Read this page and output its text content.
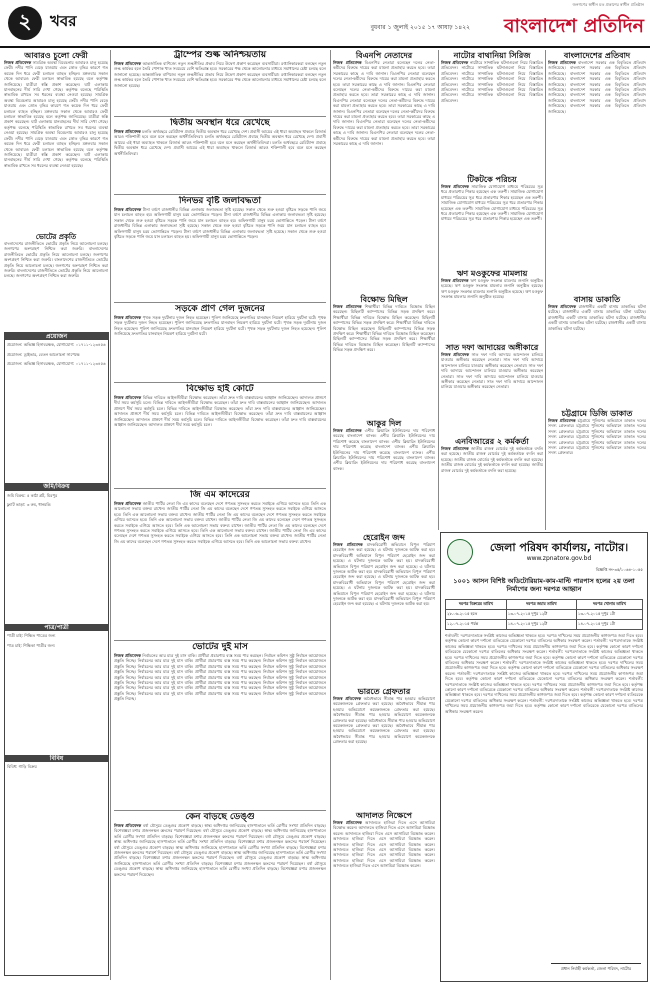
২	খবর	বুধবার ১ জুলাই ২০১৫ ১৭ আষাঢ় ১৪২২
জনগণের স্বাধীন মত প্রকাশের স্বাধীন প্রতিষ্ঠান
বাংলাদেশ প্রতিদিন
আবারও চুলো ফেরী
নিজস্ব প্রতিবেদক সামগ্রিক অবস্থা বিবেচনায় আবারও চালু হয়েছে ফেরী। নদীর পানি বেড়ে যাওয়ায় এবং স্রোত বৃদ্ধির কারণে গত কয়েক দিন ধরে ফেরী চলাচল ব্যাহত হচ্ছিল। মঙ্গলবার সকাল থেকে আবারও ফেরী চলাচল স্বাভাবিক হয়েছে বলে কর্তৃপক্ষ জানিয়েছে। যাত্রীরা স্বস্তি প্রকাশ করেছেন। ঘাট এলাকায় যানবাহনের দীর্ঘ সারি দেখা গেছে। কর্তৃপক্ষ বলেছে পরিস্থিতি স্বাভাবিক রাখতে সব ধরনের ব্যবস্থা নেওয়া হয়েছে। সামগ্রিক অবস্থা বিবেচনায় আবারও চালু হয়েছে ফেরী। নদীর পানি বেড়ে যাওয়ায় এবং স্রোত বৃদ্ধির কারণে গত কয়েক দিন ধরে ফেরী চলাচল ব্যাহত হচ্ছিল। মঙ্গলবার সকাল থেকে আবারও ফেরী চলাচল স্বাভাবিক হয়েছে বলে কর্তৃপক্ষ জানিয়েছে। যাত্রীরা স্বস্তি প্রকাশ করেছেন। ঘাট এলাকায় যানবাহনের দীর্ঘ সারি দেখা গেছে। কর্তৃপক্ষ বলেছে পরিস্থিতি স্বাভাবিক রাখতে সব ধরনের ব্যবস্থা নেওয়া হয়েছে। সামগ্রিক অবস্থা বিবেচনায় আবারও চালু হয়েছে ফেরী। নদীর পানি বেড়ে যাওয়ায় এবং স্রোত বৃদ্ধির কারণে গত কয়েক দিন ধরে ফেরী চলাচল ব্যাহত হচ্ছিল। মঙ্গলবার সকাল থেকে আবারও ফেরী চলাচল স্বাভাবিক হয়েছে বলে কর্তৃপক্ষ জানিয়েছে। যাত্রীরা স্বস্তি প্রকাশ করেছেন। ঘাট এলাকায় যানবাহনের দীর্ঘ সারি দেখা গেছে। কর্তৃপক্ষ বলেছে পরিস্থিতি স্বাভাবিক রাখতে সব ধরনের ব্যবস্থা নেওয়া হয়েছে।
ভোটের প্রকৃতি
বাংলাদেশের রাজনীতিতে ভোটের প্রকৃতি নিয়ে আলোচনা চলছে। জনগণের অংশগ্রহণ নিশ্চিত করা জরুরি। বাংলাদেশের রাজনীতিতে ভোটের প্রকৃতি নিয়ে আলোচনা চলছে। জনগণের অংশগ্রহণ নিশ্চিত করা জরুরি। বাংলাদেশের রাজনীতিতে ভোটের প্রকৃতি নিয়ে আলোচনা চলছে। জনগণের অংশগ্রহণ নিশ্চিত করা জরুরি। বাংলাদেশের রাজনীতিতে ভোটের প্রকৃতি নিয়ে আলোচনা চলছে। জনগণের অংশগ্রহণ নিশ্চিত করা জরুরি।
প্রয়োজন
প্রয়োজন: অভিজ্ঞ হিসাবরক্ষক, যোগাযোগ: ০১৭১১-১২৩৪৫৬
প্রয়োজন: ড্রাইভার, বেতন আলোচনা সাপেক্ষে
প্রয়োজন: অভিজ্ঞ হিসাবরক্ষক, যোগাযোগ: ০১৭১১-১২৩৪৫৬
জমি/বিক্রয়
জমি বিক্রয়: ৫ কাঠা প্লট, মিরপুর
ফ্ল্যাট ভাড়া: ৩ রুম, ধানমন্ডি
পাত্র/পাত্রী
পাত্রী চাই: শিক্ষিত পাত্রের জন্য
পাত্র চাই: শিক্ষিকা পাত্রীর জন্য
বিবিধ
বিবিধ: গাড়ি বিক্রয়
ট্রাম্পের শুল্ক অনিশ্চয়তায়
নিজস্ব প্রতিবেদক আন্তর্জাতিক বাণিজ্যে নতুন শুল্কনীতির প্রভাব নিয়ে উদ্বেগ প্রকাশ করেছেন ব্যবসায়ীরা। রপ্তানিকারকরা বলছেন নতুন শুল্ক কার্যকর হলে তৈরি পোশাক খাত সবচেয়ে বেশি ক্ষতিগ্রস্ত হবে। সরকারের পক্ষ থেকে আলোচনার মাধ্যমে সমাধানের চেষ্টা চলছে বলে জানানো হয়েছে। আন্তর্জাতিক বাণিজ্যে নতুন শুল্কনীতির প্রভাব নিয়ে উদ্বেগ প্রকাশ করেছেন ব্যবসায়ীরা। রপ্তানিকারকরা বলছেন নতুন শুল্ক কার্যকর হলে তৈরি পোশাক খাত সবচেয়ে বেশি ক্ষতিগ্রস্ত হবে। সরকারের পক্ষ থেকে আলোচনার মাধ্যমে সমাধানের চেষ্টা চলছে বলে জানানো হয়েছে।
দ্বিতীয় অবস্থান ধরে রেখেছে
নিজস্ব প্রতিবেদক চলতি অর্থবছরে রেমিট্যান্স প্রবাহে দ্বিতীয় অবস্থান ধরে রেখেছে দেশ। প্রবাসী আয়ের এই ধারা অব্যাহত থাকলে রিজার্ভ আরও শক্তিশালী হবে বলে মনে করছেন অর্থনীতিবিদরা। চলতি অর্থবছরে রেমিট্যান্স প্রবাহে দ্বিতীয় অবস্থান ধরে রেখেছে দেশ। প্রবাসী আয়ের এই ধারা অব্যাহত থাকলে রিজার্ভ আরও শক্তিশালী হবে বলে মনে করছেন অর্থনীতিবিদরা। চলতি অর্থবছরে রেমিট্যান্স প্রবাহে দ্বিতীয় অবস্থান ধরে রেখেছে দেশ। প্রবাসী আয়ের এই ধারা অব্যাহত থাকলে রিজার্ভ আরও শক্তিশালী হবে বলে মনে করছেন অর্থনীতিবিদরা।
দিনভর বৃষ্টি জলাবদ্ধতা
নিজস্ব প্রতিবেদক টানা বর্ষণে রাজধানীর বিভিন্ন এলাকায় জলাবদ্ধতা সৃষ্টি হয়েছে। সকাল থেকে শুরু হওয়া বৃষ্টিতে সড়কে পানি জমে যান চলাচল ব্যাহত হয়। অফিসগামী মানুষ চরম ভোগান্তিতে পড়েন। টানা বর্ষণে রাজধানীর বিভিন্ন এলাকায় জলাবদ্ধতা সৃষ্টি হয়েছে। সকাল থেকে শুরু হওয়া বৃষ্টিতে সড়কে পানি জমে যান চলাচল ব্যাহত হয়। অফিসগামী মানুষ চরম ভোগান্তিতে পড়েন। টানা বর্ষণে রাজধানীর বিভিন্ন এলাকায় জলাবদ্ধতা সৃষ্টি হয়েছে। সকাল থেকে শুরু হওয়া বৃষ্টিতে সড়কে পানি জমে যান চলাচল ব্যাহত হয়। অফিসগামী মানুষ চরম ভোগান্তিতে পড়েন। টানা বর্ষণে রাজধানীর বিভিন্ন এলাকায় জলাবদ্ধতা সৃষ্টি হয়েছে। সকাল থেকে শুরু হওয়া বৃষ্টিতে সড়কে পানি জমে যান চলাচল ব্যাহত হয়। অফিসগামী মানুষ চরম ভোগান্তিতে পড়েন।
সড়কে প্রাণ গেল দুজনের
নিজস্ব প্রতিবেদক পৃথক সড়ক দুর্ঘটনায় দুজন নিহত হয়েছেন। পুলিশ জানিয়েছে দ্রুতগতির যানবাহন নিয়ন্ত্রণ হারিয়ে দুর্ঘটনা ঘটে। পৃথক সড়ক দুর্ঘটনায় দুজন নিহত হয়েছেন। পুলিশ জানিয়েছে দ্রুতগতির যানবাহন নিয়ন্ত্রণ হারিয়ে দুর্ঘটনা ঘটে। পৃথক সড়ক দুর্ঘটনায় দুজন নিহত হয়েছেন। পুলিশ জানিয়েছে দ্রুতগতির যানবাহন নিয়ন্ত্রণ হারিয়ে দুর্ঘটনা ঘটে। পৃথক সড়ক দুর্ঘটনায় দুজন নিহত হয়েছেন। পুলিশ জানিয়েছে দ্রুতগতির যানবাহন নিয়ন্ত্রণ হারিয়ে দুর্ঘটনা ঘটে।
বিক্ষোভ হাই কোর্টে
নিজস্ব প্রতিবেদক বিভিন্ন দাবিতে আইনজীবীরা বিক্ষোভ করেছেন। তাঁরা দ্রুত দাবি বাস্তবায়নের আহ্বান জানিয়েছেন। আদালত প্রাঙ্গণে দীর্ঘ সময় কর্মসূচি চলে। বিভিন্ন দাবিতে আইনজীবীরা বিক্ষোভ করেছেন। তাঁরা দ্রুত দাবি বাস্তবায়নের আহ্বান জানিয়েছেন। আদালত প্রাঙ্গণে দীর্ঘ সময় কর্মসূচি চলে। বিভিন্ন দাবিতে আইনজীবীরা বিক্ষোভ করেছেন। তাঁরা দ্রুত দাবি বাস্তবায়নের আহ্বান জানিয়েছেন। আদালত প্রাঙ্গণে দীর্ঘ সময় কর্মসূচি চলে। বিভিন্ন দাবিতে আইনজীবীরা বিক্ষোভ করেছেন। তাঁরা দ্রুত দাবি বাস্তবায়নের আহ্বান জানিয়েছেন। আদালত প্রাঙ্গণে দীর্ঘ সময় কর্মসূচি চলে। বিভিন্ন দাবিতে আইনজীবীরা বিক্ষোভ করেছেন। তাঁরা দ্রুত দাবি বাস্তবায়নের আহ্বান জানিয়েছেন। আদালত প্রাঙ্গণে দীর্ঘ সময় কর্মসূচি চলে।
জি এম কাদেরের
নিজস্ব প্রতিবেদক জাতীয় পার্টির নেতা জি এম কাদের বলেছেন দেশে গণতন্ত্র সুসংহত করতে সবাইকে এগিয়ে আসতে হবে। তিনি এক আলোচনা সভায় বক্তব্য রাখেন। জাতীয় পার্টির নেতা জি এম কাদের বলেছেন দেশে গণতন্ত্র সুসংহত করতে সবাইকে এগিয়ে আসতে হবে। তিনি এক আলোচনা সভায় বক্তব্য রাখেন। জাতীয় পার্টির নেতা জি এম কাদের বলেছেন দেশে গণতন্ত্র সুসংহত করতে সবাইকে এগিয়ে আসতে হবে। তিনি এক আলোচনা সভায় বক্তব্য রাখেন। জাতীয় পার্টির নেতা জি এম কাদের বলেছেন দেশে গণতন্ত্র সুসংহত করতে সবাইকে এগিয়ে আসতে হবে। তিনি এক আলোচনা সভায় বক্তব্য রাখেন। জাতীয় পার্টির নেতা জি এম কাদের বলেছেন দেশে গণতন্ত্র সুসংহত করতে সবাইকে এগিয়ে আসতে হবে। তিনি এক আলোচনা সভায় বক্তব্য রাখেন। জাতীয় পার্টির নেতা জি এম কাদের বলেছেন দেশে গণতন্ত্র সুসংহত করতে সবাইকে এগিয়ে আসতে হবে। তিনি এক আলোচনা সভায় বক্তব্য রাখেন। জাতীয় পার্টির নেতা জি এম কাদের বলেছেন দেশে গণতন্ত্র সুসংহত করতে সবাইকে এগিয়ে আসতে হবে। তিনি এক আলোচনা সভায় বক্তব্য রাখেন।
ভোটের দুই মাস
নিজস্ব প্রতিবেদক নির্বাচনের আর মাত্র দুই মাস বাকি। প্রার্থীরা প্রচারণায় ব্যস্ত সময় পার করছেন। নির্বাচন কমিশন সুষ্ঠু নির্বাচন আয়োজনে প্রস্তুতি নিচ্ছে। নির্বাচনের আর মাত্র দুই মাস বাকি। প্রার্থীরা প্রচারণায় ব্যস্ত সময় পার করছেন। নির্বাচন কমিশন সুষ্ঠু নির্বাচন আয়োজনে প্রস্তুতি নিচ্ছে। নির্বাচনের আর মাত্র দুই মাস বাকি। প্রার্থীরা প্রচারণায় ব্যস্ত সময় পার করছেন। নির্বাচন কমিশন সুষ্ঠু নির্বাচন আয়োজনে প্রস্তুতি নিচ্ছে। নির্বাচনের আর মাত্র দুই মাস বাকি। প্রার্থীরা প্রচারণায় ব্যস্ত সময় পার করছেন। নির্বাচন কমিশন সুষ্ঠু নির্বাচন আয়োজনে প্রস্তুতি নিচ্ছে। নির্বাচনের আর মাত্র দুই মাস বাকি। প্রার্থীরা প্রচারণায় ব্যস্ত সময় পার করছেন। নির্বাচন কমিশন সুষ্ঠু নির্বাচন আয়োজনে প্রস্তুতি নিচ্ছে। নির্বাচনের আর মাত্র দুই মাস বাকি। প্রার্থীরা প্রচারণায় ব্যস্ত সময় পার করছেন। নির্বাচন কমিশন সুষ্ঠু নির্বাচন আয়োজনে প্রস্তুতি নিচ্ছে। নির্বাচনের আর মাত্র দুই মাস বাকি। প্রার্থীরা প্রচারণায় ব্যস্ত সময় পার করছেন। নির্বাচন কমিশন সুষ্ঠু নির্বাচন আয়োজনে প্রস্তুতি নিচ্ছে। নির্বাচনের আর মাত্র দুই মাস বাকি। প্রার্থীরা প্রচারণায় ব্যস্ত সময় পার করছেন। নির্বাচন কমিশন সুষ্ঠু নির্বাচন আয়োজনে প্রস্তুতি নিচ্ছে।
কেন বাড়ছে ডেঙ্গু
নিজস্ব প্রতিবেদক বর্ষা মৌসুমে ডেঙ্গুর প্রকোপ বাড়ছে। স্বাস্থ্য অধিদপ্তর জানিয়েছে হাসপাতালে ভর্তি রোগীর সংখ্যা প্রতিদিন বাড়ছে। বিশেষজ্ঞরা মশার প্রজননস্থল ধ্বংসের পরামর্শ দিয়েছেন। বর্ষা মৌসুমে ডেঙ্গুর প্রকোপ বাড়ছে। স্বাস্থ্য অধিদপ্তর জানিয়েছে হাসপাতালে ভর্তি রোগীর সংখ্যা প্রতিদিন বাড়ছে। বিশেষজ্ঞরা মশার প্রজননস্থল ধ্বংসের পরামর্শ দিয়েছেন। বর্ষা মৌসুমে ডেঙ্গুর প্রকোপ বাড়ছে। স্বাস্থ্য অধিদপ্তর জানিয়েছে হাসপাতালে ভর্তি রোগীর সংখ্যা প্রতিদিন বাড়ছে। বিশেষজ্ঞরা মশার প্রজননস্থল ধ্বংসের পরামর্শ দিয়েছেন। বর্ষা মৌসুমে ডেঙ্গুর প্রকোপ বাড়ছে। স্বাস্থ্য অধিদপ্তর জানিয়েছে হাসপাতালে ভর্তি রোগীর সংখ্যা প্রতিদিন বাড়ছে। বিশেষজ্ঞরা মশার প্রজননস্থল ধ্বংসের পরামর্শ দিয়েছেন। বর্ষা মৌসুমে ডেঙ্গুর প্রকোপ বাড়ছে। স্বাস্থ্য অধিদপ্তর জানিয়েছে হাসপাতালে ভর্তি রোগীর সংখ্যা প্রতিদিন বাড়ছে। বিশেষজ্ঞরা মশার প্রজননস্থল ধ্বংসের পরামর্শ দিয়েছেন। বর্ষা মৌসুমে ডেঙ্গুর প্রকোপ বাড়ছে। স্বাস্থ্য অধিদপ্তর জানিয়েছে হাসপাতালে ভর্তি রোগীর সংখ্যা প্রতিদিন বাড়ছে। বিশেষজ্ঞরা মশার প্রজননস্থল ধ্বংসের পরামর্শ দিয়েছেন। বর্ষা মৌসুমে ডেঙ্গুর প্রকোপ বাড়ছে। স্বাস্থ্য অধিদপ্তর জানিয়েছে হাসপাতালে ভর্তি রোগীর সংখ্যা প্রতিদিন বাড়ছে। বিশেষজ্ঞরা মশার প্রজননস্থল ধ্বংসের পরামর্শ দিয়েছেন।
বিএনপি নেতাদের
নিজস্ব প্রতিবেদক বিএনপির নেতারা বলেছেন দলের নেতা-কর্মীদের বিরুদ্ধে দায়ের করা মামলা প্রত্যাহার করতে হবে। তারা সরকারের কাছে এ দাবি জানান। বিএনপির নেতারা বলেছেন দলের নেতা-কর্মীদের বিরুদ্ধে দায়ের করা মামলা প্রত্যাহার করতে হবে। তারা সরকারের কাছে এ দাবি জানান। বিএনপির নেতারা বলেছেন দলের নেতা-কর্মীদের বিরুদ্ধে দায়ের করা মামলা প্রত্যাহার করতে হবে। তারা সরকারের কাছে এ দাবি জানান। বিএনপির নেতারা বলেছেন দলের নেতা-কর্মীদের বিরুদ্ধে দায়ের করা মামলা প্রত্যাহার করতে হবে। তারা সরকারের কাছে এ দাবি জানান। বিএনপির নেতারা বলেছেন দলের নেতা-কর্মীদের বিরুদ্ধে দায়ের করা মামলা প্রত্যাহার করতে হবে। তারা সরকারের কাছে এ দাবি জানান। বিএনপির নেতারা বলেছেন দলের নেতা-কর্মীদের বিরুদ্ধে দায়ের করা মামলা প্রত্যাহার করতে হবে। তারা সরকারের কাছে এ দাবি জানান। বিএনপির নেতারা বলেছেন দলের নেতা-কর্মীদের বিরুদ্ধে দায়ের করা মামলা প্রত্যাহার করতে হবে। তারা সরকারের কাছে এ দাবি জানান।
বিক্ষোভ মিছিল
নিজস্ব প্রতিবেদক শিক্ষার্থীরা বিভিন্ন দাবিতে বিক্ষোভ মিছিল করেছেন। মিছিলটি ক্যাম্পাসের বিভিন্ন সড়ক প্রদক্ষিণ করে। শিক্ষার্থীরা বিভিন্ন দাবিতে বিক্ষোভ মিছিল করেছেন। মিছিলটি ক্যাম্পাসের বিভিন্ন সড়ক প্রদক্ষিণ করে। শিক্ষার্থীরা বিভিন্ন দাবিতে বিক্ষোভ মিছিল করেছেন। মিছিলটি ক্যাম্পাসের বিভিন্ন সড়ক প্রদক্ষিণ করে। শিক্ষার্থীরা বিভিন্ন দাবিতে বিক্ষোভ মিছিল করেছেন। মিছিলটি ক্যাম্পাসের বিভিন্ন সড়ক প্রদক্ষিণ করে। শিক্ষার্থীরা বিভিন্ন দাবিতে বিক্ষোভ মিছিল করেছেন। মিছিলটি ক্যাম্পাসের বিভিন্ন সড়ক প্রদক্ষিণ করে।
আকুর দিল
নিজস্ব প্রতিবেদক এশীয় ক্লিয়ারিং ইউনিয়নের দায় পরিশোধ করেছে বাংলাদেশ ব্যাংক। এশীয় ক্লিয়ারিং ইউনিয়নের দায় পরিশোধ করেছে বাংলাদেশ ব্যাংক। এশীয় ক্লিয়ারিং ইউনিয়নের দায় পরিশোধ করেছে বাংলাদেশ ব্যাংক। এশীয় ক্লিয়ারিং ইউনিয়নের দায় পরিশোধ করেছে বাংলাদেশ ব্যাংক। এশীয় ক্লিয়ারিং ইউনিয়নের দায় পরিশোধ করেছে বাংলাদেশ ব্যাংক। এশীয় ক্লিয়ারিং ইউনিয়নের দায় পরিশোধ করেছে বাংলাদেশ ব্যাংক।
হেরোইন জব্দ
নিজস্ব প্রতিবেদক মাদকবিরোধী অভিযানে বিপুল পরিমাণ হেরোইন জব্দ করা হয়েছে। এ ঘটনায় দুজনকে আটক করা হয়। মাদকবিরোধী অভিযানে বিপুল পরিমাণ হেরোইন জব্দ করা হয়েছে। এ ঘটনায় দুজনকে আটক করা হয়। মাদকবিরোধী অভিযানে বিপুল পরিমাণ হেরোইন জব্দ করা হয়েছে। এ ঘটনায় দুজনকে আটক করা হয়। মাদকবিরোধী অভিযানে বিপুল পরিমাণ হেরোইন জব্দ করা হয়েছে। এ ঘটনায় দুজনকে আটক করা হয়। মাদকবিরোধী অভিযানে বিপুল পরিমাণ হেরোইন জব্দ করা হয়েছে। এ ঘটনায় দুজনকে আটক করা হয়। মাদকবিরোধী অভিযানে বিপুল পরিমাণ হেরোইন জব্দ করা হয়েছে। এ ঘটনায় দুজনকে আটক করা হয়। মাদকবিরোধী অভিযানে বিপুল পরিমাণ হেরোইন জব্দ করা হয়েছে। এ ঘটনায় দুজনকে আটক করা হয়।
ভারতে গ্রেফতার
নিজস্ব প্রতিবেদক অবৈধভাবে সীমান্ত পার হওয়ার অভিযোগে কয়েকজনকে গ্রেফতার করা হয়েছে। অবৈধভাবে সীমান্ত পার হওয়ার অভিযোগে কয়েকজনকে গ্রেফতার করা হয়েছে। অবৈধভাবে সীমান্ত পার হওয়ার অভিযোগে কয়েকজনকে গ্রেফতার করা হয়েছে। অবৈধভাবে সীমান্ত পার হওয়ার অভিযোগে কয়েকজনকে গ্রেফতার করা হয়েছে। অবৈধভাবে সীমান্ত পার হওয়ার অভিযোগে কয়েকজনকে গ্রেফতার করা হয়েছে। অবৈধভাবে সীমান্ত পার হওয়ার অভিযোগে কয়েকজনকে গ্রেফতার করা হয়েছে।
আদালত নিক্ষেপে
নিজস্ব প্রতিবেদক আদালতে হাজিরা দিতে এসে আসামিরা বিক্ষোভ করেন। আদালতে হাজিরা দিতে এসে আসামিরা বিক্ষোভ করেন। আদালতে হাজিরা দিতে এসে আসামিরা বিক্ষোভ করেন। আদালতে হাজিরা দিতে এসে আসামিরা বিক্ষোভ করেন। আদালতে হাজিরা দিতে এসে আসামিরা বিক্ষোভ করেন। আদালতে হাজিরা দিতে এসে আসামিরা বিক্ষোভ করেন। আদালতে হাজিরা দিতে এসে আসামিরা বিক্ষোভ করেন। আদালতে হাজিরা দিতে এসে আসামিরা বিক্ষোভ করেন। আদালতে হাজিরা দিতে এসে আসামিরা বিক্ষোভ করেন।
নাটোর বাথানিয়া সিরিজ
নিজস্ব প্রতিবেদক নাটোরে সাম্প্রতিক ঘটনাগুলো নিয়ে বিস্তারিত প্রতিবেদন। নাটোরে সাম্প্রতিক ঘটনাগুলো নিয়ে বিস্তারিত প্রতিবেদন। নাটোরে সাম্প্রতিক ঘটনাগুলো নিয়ে বিস্তারিত প্রতিবেদন। নাটোরে সাম্প্রতিক ঘটনাগুলো নিয়ে বিস্তারিত প্রতিবেদন। নাটোরে সাম্প্রতিক ঘটনাগুলো নিয়ে বিস্তারিত প্রতিবেদন। নাটোরে সাম্প্রতিক ঘটনাগুলো নিয়ে বিস্তারিত প্রতিবেদন। নাটোরে সাম্প্রতিক ঘটনাগুলো নিয়ে বিস্তারিত প্রতিবেদন।
টিকটকে পরিচয়
নিজস্ব প্রতিবেদক সামাজিক যোগাযোগ মাধ্যমে পরিচয়ের সূত্র ধরে প্রতারণার শিকার হয়েছেন এক তরুণী। সামাজিক যোগাযোগ মাধ্যমে পরিচয়ের সূত্র ধরে প্রতারণার শিকার হয়েছেন এক তরুণী। সামাজিক যোগাযোগ মাধ্যমে পরিচয়ের সূত্র ধরে প্রতারণার শিকার হয়েছেন এক তরুণী। সামাজিক যোগাযোগ মাধ্যমে পরিচয়ের সূত্র ধরে প্রতারণার শিকার হয়েছেন এক তরুণী। সামাজিক যোগাযোগ মাধ্যমে পরিচয়ের সূত্র ধরে প্রতারণার শিকার হয়েছেন এক তরুণী।
ঋণ মওকুফের মামলায়
নিজস্ব প্রতিবেদক ঋণ মওকুফ সংক্রান্ত মামলার শুনানি অনুষ্ঠিত হয়েছে। ঋণ মওকুফ সংক্রান্ত মামলার শুনানি অনুষ্ঠিত হয়েছে। ঋণ মওকুফ সংক্রান্ত মামলার শুনানি অনুষ্ঠিত হয়েছে। ঋণ মওকুফ সংক্রান্ত মামলার শুনানি অনুষ্ঠিত হয়েছে।
সাত দফা আদায়ের অঙ্গীকারে
নিজস্ব প্রতিবেদক সাত দফা দাবি আদায়ে আন্দোলন চালিয়ে যাওয়ার অঙ্গীকার করেছেন নেতারা। সাত দফা দাবি আদায়ে আন্দোলন চালিয়ে যাওয়ার অঙ্গীকার করেছেন নেতারা। সাত দফা দাবি আদায়ে আন্দোলন চালিয়ে যাওয়ার অঙ্গীকার করেছেন নেতারা। সাত দফা দাবি আদায়ে আন্দোলন চালিয়ে যাওয়ার অঙ্গীকার করেছেন নেতারা। সাত দফা দাবি আদায়ে আন্দোলন চালিয়ে যাওয়ার অঙ্গীকার করেছেন নেতারা।
এনবিআরের ২ কর্মকর্তা
নিজস্ব প্রতিবেদক জাতীয় রাজস্ব বোর্ডের দুই কর্মকর্তাকে বদলি করা হয়েছে। জাতীয় রাজস্ব বোর্ডের দুই কর্মকর্তাকে বদলি করা হয়েছে। জাতীয় রাজস্ব বোর্ডের দুই কর্মকর্তাকে বদলি করা হয়েছে। জাতীয় রাজস্ব বোর্ডের দুই কর্মকর্তাকে বদলি করা হয়েছে। জাতীয় রাজস্ব বোর্ডের দুই কর্মকর্তাকে বদলি করা হয়েছে।
বাংলাদেশের প্রতিবাদ
নিজস্ব প্রতিবেদক বাংলাদেশ সরকার এক বিবৃতিতে প্রতিবাদ জানিয়েছে। বাংলাদেশ সরকার এক বিবৃতিতে প্রতিবাদ জানিয়েছে। বাংলাদেশ সরকার এক বিবৃতিতে প্রতিবাদ জানিয়েছে। বাংলাদেশ সরকার এক বিবৃতিতে প্রতিবাদ জানিয়েছে। বাংলাদেশ সরকার এক বিবৃতিতে প্রতিবাদ জানিয়েছে। বাংলাদেশ সরকার এক বিবৃতিতে প্রতিবাদ জানিয়েছে। বাংলাদেশ সরকার এক বিবৃতিতে প্রতিবাদ জানিয়েছে। বাংলাদেশ সরকার এক বিবৃতিতে প্রতিবাদ জানিয়েছে। বাংলাদেশ সরকার এক বিবৃতিতে প্রতিবাদ জানিয়েছে।
বাসায় ডাকাতি
নিজস্ব প্রতিবেদক রাজধানীর একটি বাসায় ডাকাতির ঘটনা ঘটেছে। রাজধানীর একটি বাসায় ডাকাতির ঘটনা ঘটেছে। রাজধানীর একটি বাসায় ডাকাতির ঘটনা ঘটেছে। রাজধানীর একটি বাসায় ডাকাতির ঘটনা ঘটেছে। রাজধানীর একটি বাসায় ডাকাতির ঘটনা ঘটেছে।
চট্টগ্রামে ডিজি ডাকাত
নিজস্ব প্রতিবেদক চট্টগ্রামে পুলিশের অভিযানে ডাকাত দলের সদস্য গ্রেফতার। চট্টগ্রামে পুলিশের অভিযানে ডাকাত দলের সদস্য গ্রেফতার। চট্টগ্রামে পুলিশের অভিযানে ডাকাত দলের সদস্য গ্রেফতার। চট্টগ্রামে পুলিশের অভিযানে ডাকাত দলের সদস্য গ্রেফতার। চট্টগ্রামে পুলিশের অভিযানে ডাকাত দলের সদস্য গ্রেফতার। চট্টগ্রামে পুলিশের অভিযানে ডাকাত দলের সদস্য গ্রেফতার।
জেলা পরিষদ কার্যালয়, নাটোর।
www.zpnatore.gov.bd
বিজ্ঞপ্তি নং-৩৫/১০৬৪-১০৫৫
১০০১ আসন বিশিষ্ট অডিটোরিয়াম-কাম-মাল্টি পারপাস হলের ২য় তলা নির্মাণের জন্য দরপত্র আহ্বান
দরপত্র বিক্রয়ের তারিখ	দরপত্র জমার তারিখ	দরপত্র খোলার তারিখ
২৮-০৬-২০১৫ হতে	১৩-০৭-২০১৫ দুপুর ১২টা	১৩-০৭-২০১৫ দুপুর ১টা
১২-০৭-২০১৫ পর্যন্ত	১৪-০৭-২০১৫ দুপুর ১২টা	১৪-০৭-২০১৫ দুপুর ১টা
শর্তাবলী: দরপত্রদাতাকে সংশ্লিষ্ট কাজের অভিজ্ঞতা থাকতে হবে। দরপত্র দাখিলের সময় প্রয়োজনীয় কাগজপত্র জমা দিতে হবে। কর্তৃপক্ষ কোনো কারণ দর্শানো ব্যতিরেকে যেকোনো দরপত্র বাতিলের অধিকার সংরক্ষণ করেন। শর্তাবলী: দরপত্রদাতাকে সংশ্লিষ্ট কাজের অভিজ্ঞতা থাকতে হবে। দরপত্র দাখিলের সময় প্রয়োজনীয় কাগজপত্র জমা দিতে হবে। কর্তৃপক্ষ কোনো কারণ দর্শানো ব্যতিরেকে যেকোনো দরপত্র বাতিলের অধিকার সংরক্ষণ করেন। শর্তাবলী: দরপত্রদাতাকে সংশ্লিষ্ট কাজের অভিজ্ঞতা থাকতে হবে। দরপত্র দাখিলের সময় প্রয়োজনীয় কাগজপত্র জমা দিতে হবে। কর্তৃপক্ষ কোনো কারণ দর্শানো ব্যতিরেকে যেকোনো দরপত্র বাতিলের অধিকার সংরক্ষণ করেন। শর্তাবলী: দরপত্রদাতাকে সংশ্লিষ্ট কাজের অভিজ্ঞতা থাকতে হবে। দরপত্র দাখিলের সময় প্রয়োজনীয় কাগজপত্র জমা দিতে হবে। কর্তৃপক্ষ কোনো কারণ দর্শানো ব্যতিরেকে যেকোনো দরপত্র বাতিলের অধিকার সংরক্ষণ করেন। শর্তাবলী: দরপত্রদাতাকে সংশ্লিষ্ট কাজের অভিজ্ঞতা থাকতে হবে। দরপত্র দাখিলের সময় প্রয়োজনীয় কাগজপত্র জমা দিতে হবে। কর্তৃপক্ষ কোনো কারণ দর্শানো ব্যতিরেকে যেকোনো দরপত্র বাতিলের অধিকার সংরক্ষণ করেন। শর্তাবলী: দরপত্রদাতাকে সংশ্লিষ্ট কাজের অভিজ্ঞতা থাকতে হবে। দরপত্র দাখিলের সময় প্রয়োজনীয় কাগজপত্র জমা দিতে হবে। কর্তৃপক্ষ কোনো কারণ দর্শানো ব্যতিরেকে যেকোনো দরপত্র বাতিলের অধিকার সংরক্ষণ করেন। শর্তাবলী: দরপত্রদাতাকে সংশ্লিষ্ট কাজের অভিজ্ঞতা থাকতে হবে। দরপত্র দাখিলের সময় প্রয়োজনীয় কাগজপত্র জমা দিতে হবে। কর্তৃপক্ষ কোনো কারণ দর্শানো ব্যতিরেকে যেকোনো দরপত্র বাতিলের অধিকার সংরক্ষণ করেন। শর্তাবলী: দরপত্রদাতাকে সংশ্লিষ্ট কাজের অভিজ্ঞতা থাকতে হবে। দরপত্র দাখিলের সময় প্রয়োজনীয় কাগজপত্র জমা দিতে হবে। কর্তৃপক্ষ কোনো কারণ দর্শানো ব্যতিরেকে যেকোনো দরপত্র বাতিলের অধিকার সংরক্ষণ করেন।
প্রধান নির্বাহী কর্মকর্তা, জেলা পরিষদ, নাটোর
